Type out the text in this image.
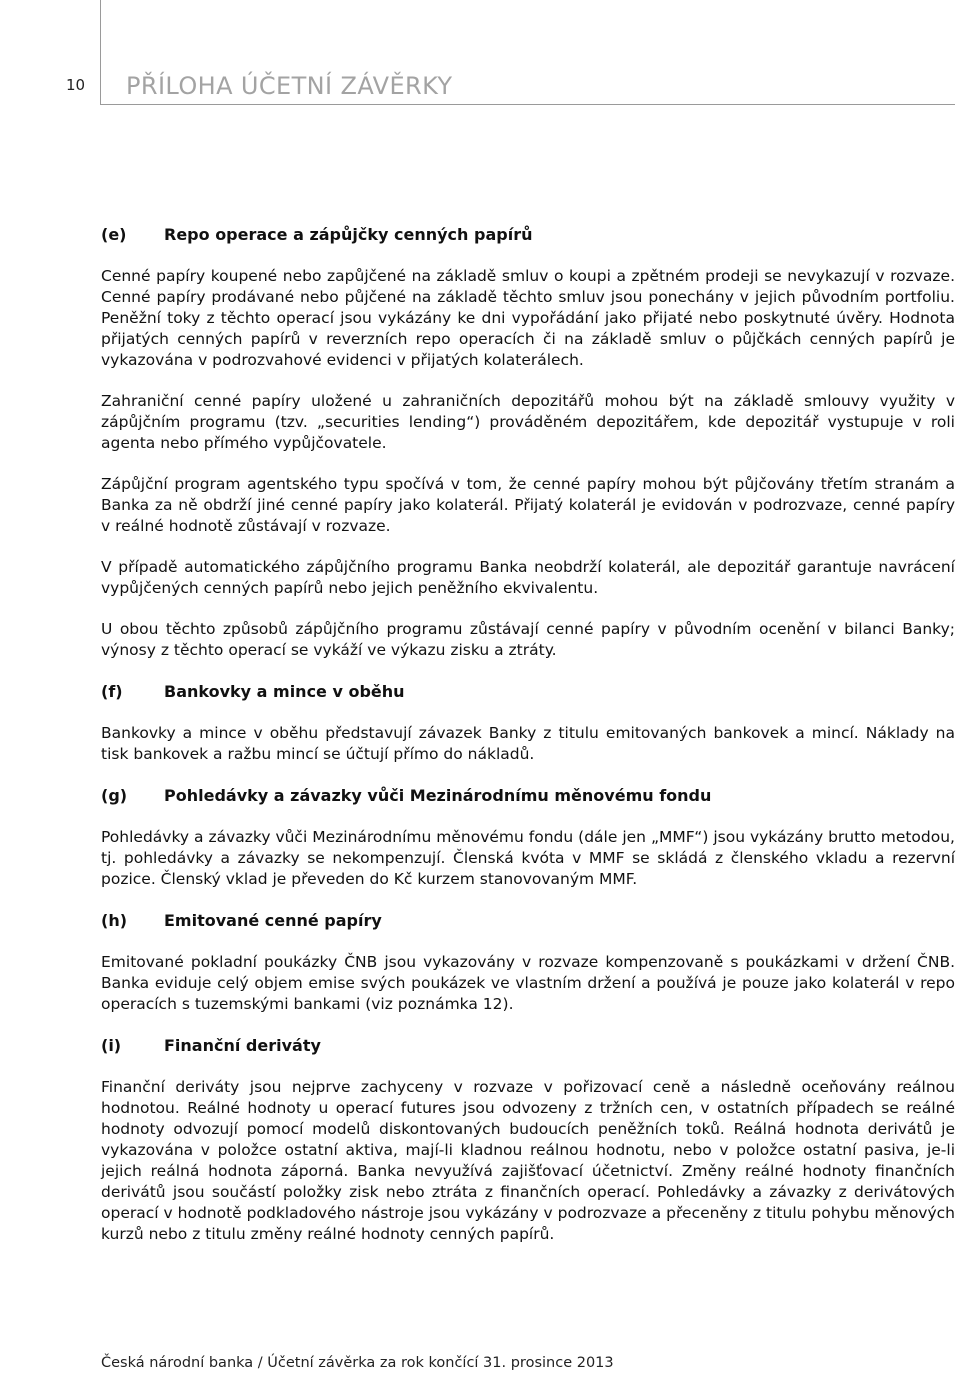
10 PŘÍLOHA ÚČETNÍ ZÁVĚRKY
(e)	Repo operace a zápůjčky cenných papírů

Cenné papíry koupené nebo zapůjčené na základě smluv o koupi a zpětném prodeji se nevykazují v rozvaze. Cenné papíry prodávané nebo půjčené na základě těchto smluv jsou ponechány v jejich původním portfoliu. Peněžní toky z těchto operací jsou vykázány ke dni vypořádání jako přijaté nebo poskytnuté úvěry. Hodnota přijatých cenných papírů v reverzních repo operacích či na základě smluv o půjčkách cenných papírů je vykazována v podrozvahové evidenci v přijatých kolaterálech.

Zahraniční cenné papíry uložené u zahraničních depozitářů mohou být na základě smlouvy využity v zápůjčním programu (tzv. „securities lending“) prováděném depozitářem, kde depozitář vystupuje v roli agenta nebo přímého vypůjčovatele.

Zápůjční program agentského typu spočívá v tom, že cenné papíry mohou být půjčovány třetím stranám a Banka za ně obdrží jiné cenné papíry jako kolaterál. Přijatý kolaterál je evidován v podrozvaze, cenné papíry v reálné hodnotě zůstávají v rozvaze.

V případě automatického zápůjčního programu Banka neobdrží kolaterál, ale depozitář garantuje navrácení vypůjčených cenných papírů nebo jejich peněžního ekvivalentu.

U obou těchto způsobů zápůjčního programu zůstávají cenné papíry v původním ocenění v bilanci Banky; výnosy z těchto operací se vykáží ve výkazu zisku a ztráty.

(f)	Bankovky a mince v oběhu

Bankovky a mince v oběhu představují závazek Banky z titulu emitovaných bankovek a mincí. Náklady na tisk bankovek a ražbu mincí se účtují přímo do nákladů.

(g)	Pohledávky a závazky vůči Mezinárodnímu měnovému fondu

Pohledávky a závazky vůči Mezinárodnímu měnovému fondu (dále jen „MMF“) jsou vykázány brutto metodou, tj. pohledávky a závazky se nekompenzují. Členská kvóta v MMF se skládá z členského vkladu a rezervní pozice. Členský vklad je převeden do Kč kurzem stanovovaným MMF.

(h)	Emitované cenné papíry

Emitované pokladní poukázky ČNB jsou vykazovány v rozvaze kompenzovaně s poukázkami v držení ČNB. Banka eviduje celý objem emise svých poukázek ve vlastním držení a používá je pouze jako kolaterál v repo operacích s tuzemskými bankami (viz poznámka 12).

(i)	Finanční deriváty

Finanční deriváty jsou nejprve zachyceny v rozvaze v pořizovací ceně a následně oceňovány reálnou hodnotou. Reálné hodnoty u operací futures jsou odvozeny z tržních cen, v ostatních případech se reálné hodnoty odvozují pomocí modelů diskontovaných budoucích peněžních toků. Reálná hodnota derivátů je vykazována v položce ostatní aktiva, mají-li kladnou reálnou hodnotu, nebo v položce ostatní pasiva, je-li jejich reálná hodnota záporná. Banka nevyužívá zajišťovací účetnictví. Změny reálné hodnoty finančních derivátů jsou součástí položky zisk nebo ztráta z finančních operací. Pohledávky a závazky z derivátových operací v hodnotě podkladového nástroje jsou vykázány v podrozvaze a přeceněny z titulu pohybu měnových kurzů nebo z titulu změny reálné hodnoty cenných papírů.

Česká národní banka / Účetní závěrka za rok končící 31. prosince 2013
